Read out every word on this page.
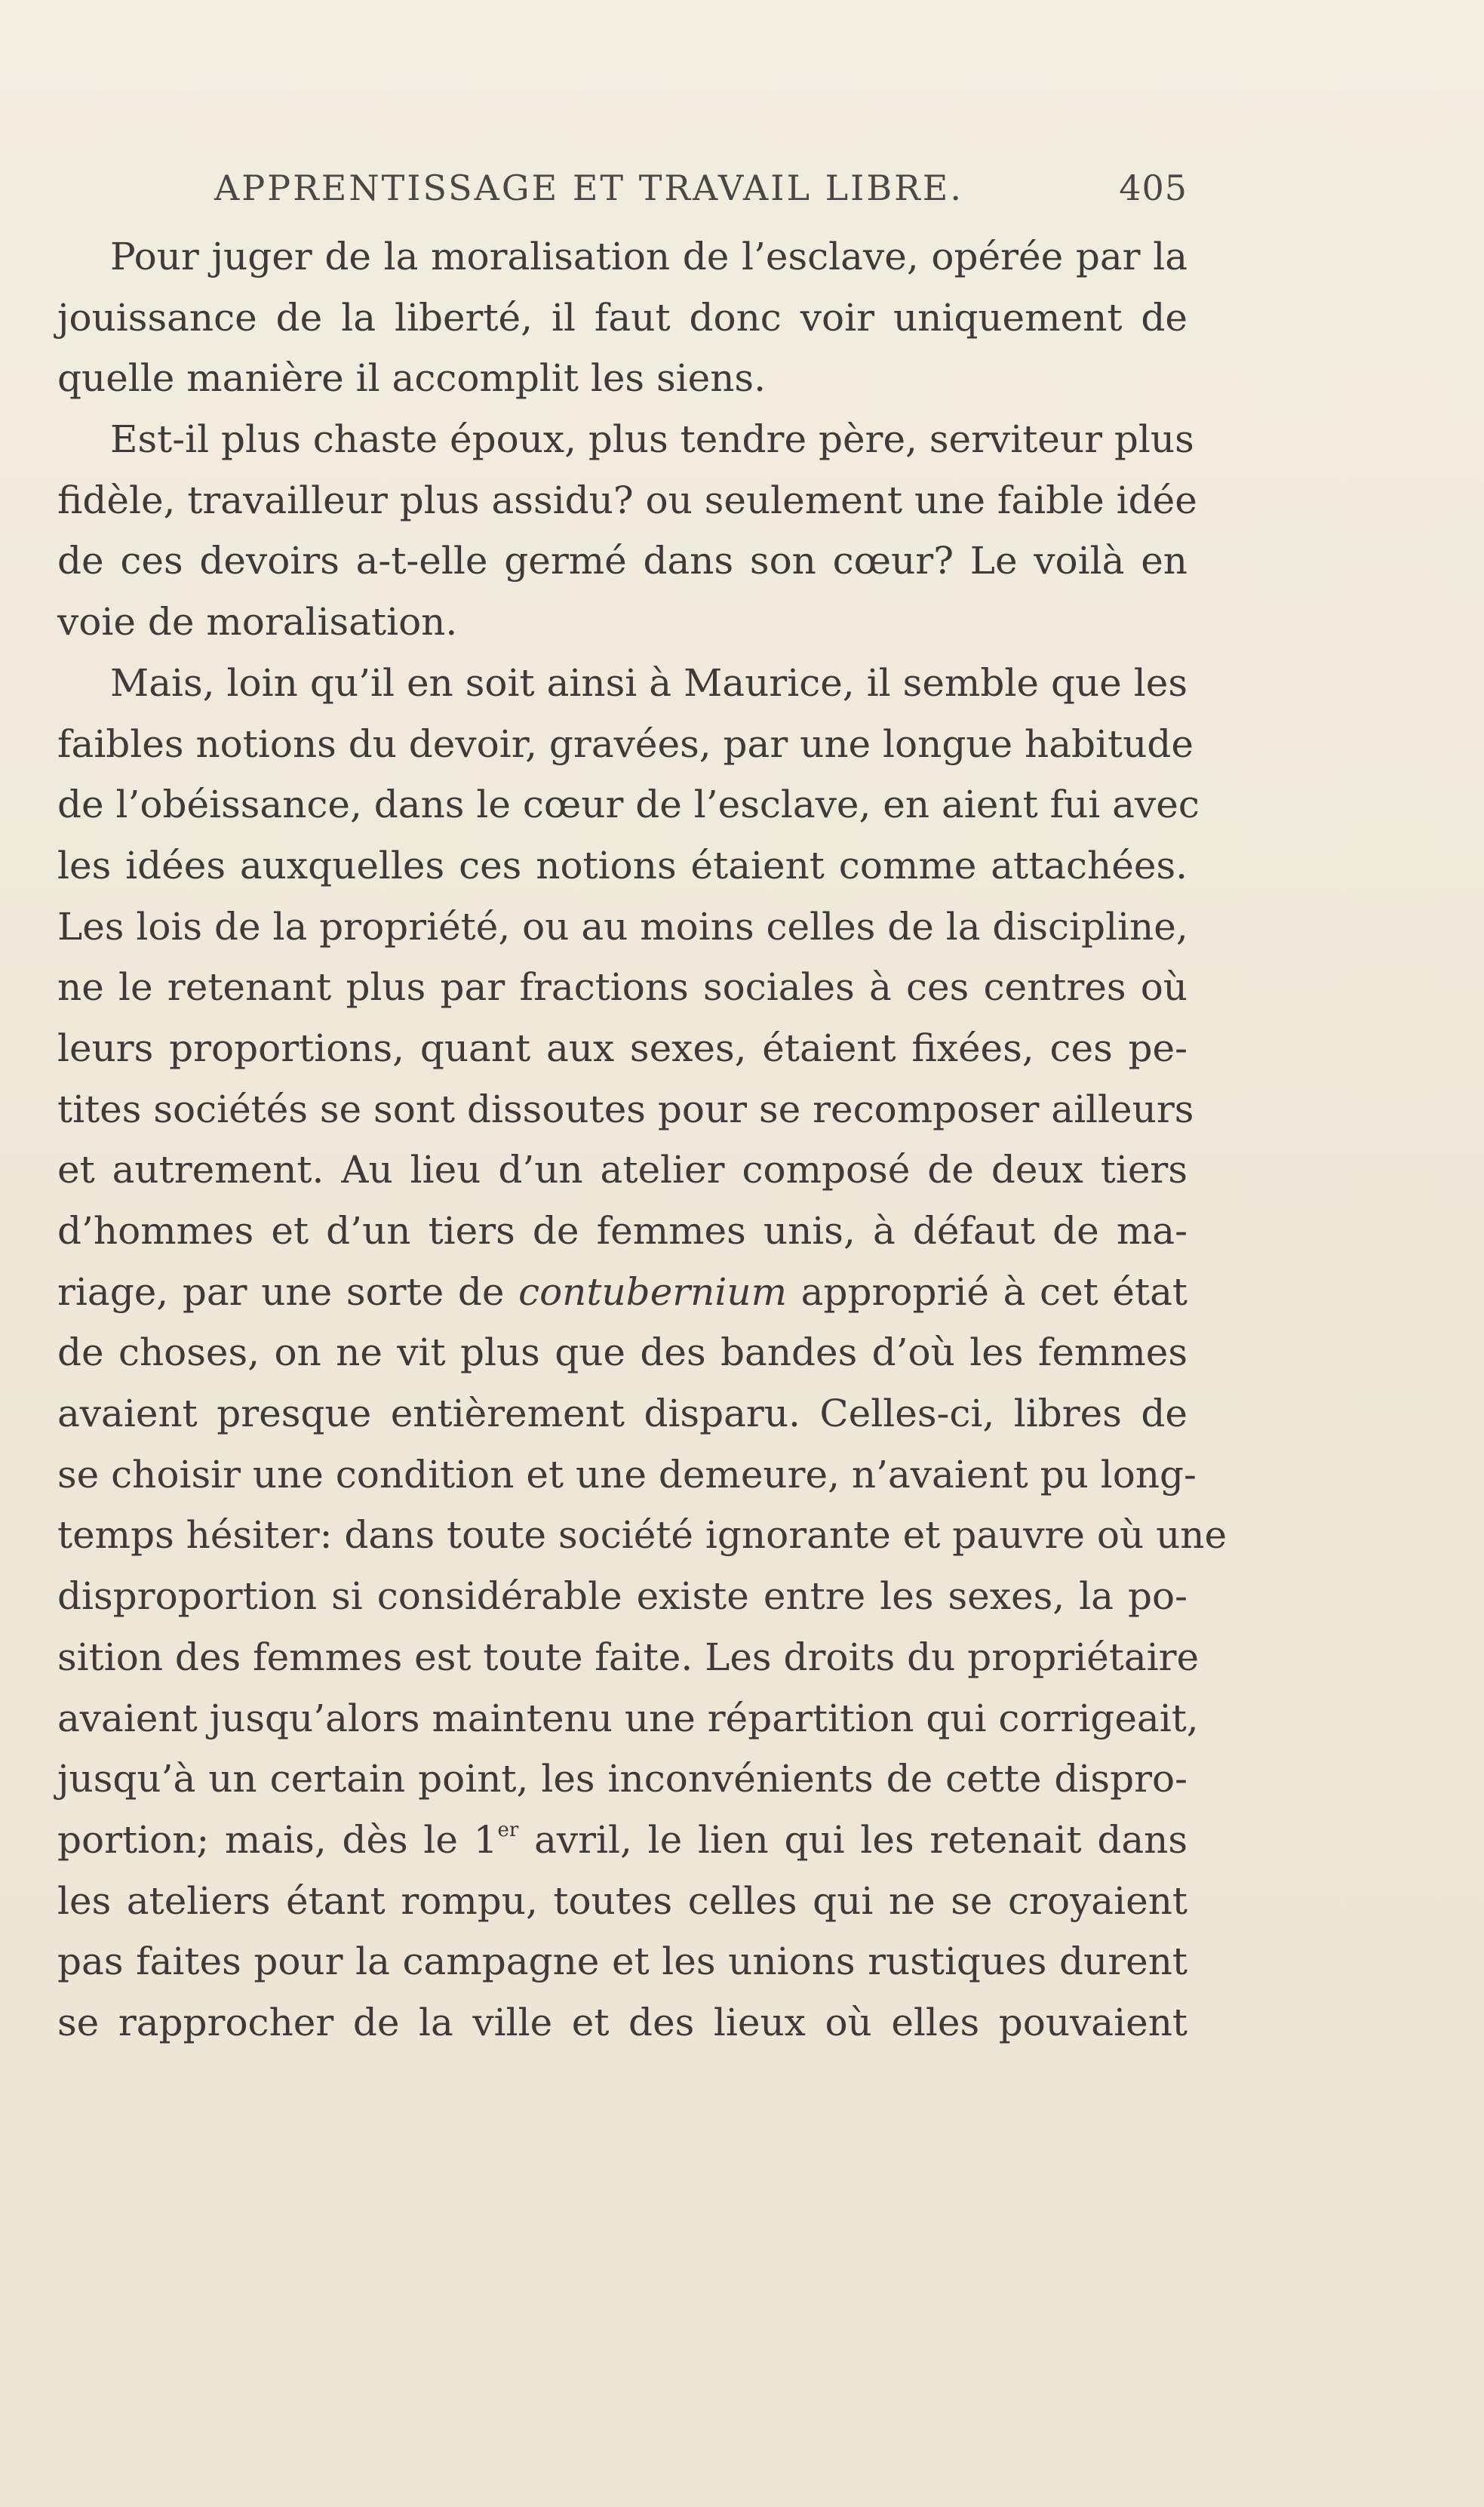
APPRENTISSAGE ET TRAVAIL LIBRE.	405
Pour juger de la moralisation de l’esclave, opérée par la
jouissance de la liberté, il faut donc voir uniquement de
quelle manière il accomplit les siens.
Est-il plus chaste époux, plus tendre père, serviteur plus
fidèle, travailleur plus assidu? ou seulement une faible idée
de ces devoirs a-t-elle germé dans son cœur? Le voilà en
voie de moralisation.
Mais, loin qu’il en soit ainsi à Maurice, il semble que les
faibles notions du devoir, gravées, par une longue habitude
de l’obéissance, dans le cœur de l’esclave, en aient fui avec
les idées auxquelles ces notions étaient comme attachées.
Les lois de la propriété, ou au moins celles de la discipline,
ne le retenant plus par fractions sociales à ces centres où
leurs proportions, quant aux sexes, étaient fixées, ces pe-
tites sociétés se sont dissoutes pour se recomposer ailleurs
et autrement. Au lieu d’un atelier composé de deux tiers
d’hommes et d’un tiers de femmes unis, à défaut de ma-
riage, par une sorte de contubernium approprié à cet état
de choses, on ne vit plus que des bandes d’où les femmes
avaient presque entièrement disparu. Celles-ci, libres de
se choisir une condition et une demeure, n’avaient pu long-
temps hésiter: dans toute société ignorante et pauvre où une
disproportion si considérable existe entre les sexes, la po-
sition des femmes est toute faite. Les droits du propriétaire
avaient jusqu’alors maintenu une répartition qui corrigeait,
jusqu’à un certain point, les inconvénients de cette dispro-
portion; mais, dès le 1er avril, le lien qui les retenait dans
les ateliers étant rompu, toutes celles qui ne se croyaient
pas faites pour la campagne et les unions rustiques durent
se rapprocher de la ville et des lieux où elles pouvaient
